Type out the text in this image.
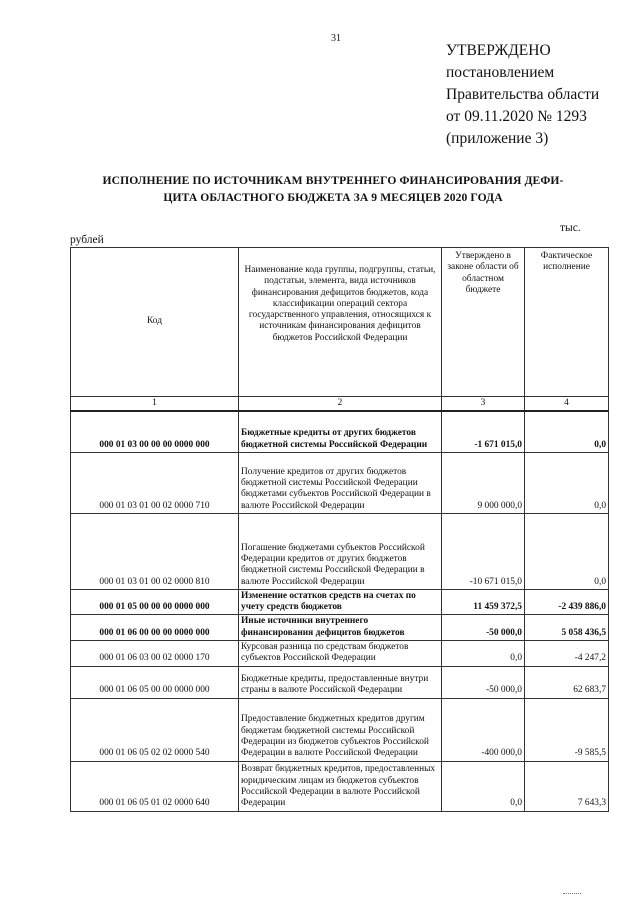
31
УТВЕРЖДЕНО
постановлением
Правительства области
от 09.11.2020 № 1293
(приложение 3)
ИСПОЛНЕНИЕ ПО ИСТОЧНИКАМ ВНУТРЕННЕГО ФИНАНСИРОВАНИЯ ДЕФИ-
ЦИТА ОБЛАСТНОГО БЮДЖЕТА ЗА 9 МЕСЯЦЕВ 2020 ГОДА
тыс.
рублей
Код	Наименование кода группы, подгруппы, статьи, подстатьи, элемента, вида источников финансирования дефицитов бюджетов, кода классификации операций сектора государственного управления, относящихся к источникам финансирования дефицитов бюджетов Российской Федерации	Утверждено в законе области об областном бюджете	Фактическое исполнение
1	2	3	4
000 01 03 00 00 00 0000 000	Бюджетные кредиты от других бюджетов бюджетной системы Российской Федерации	-1 671 015,0	0,0
000 01 03 01 00 02 0000 710	Получение кредитов от других бюджетов бюджетной системы Российской Федерации бюджетами субъектов Российской Федерации в валюте Российской Федерации	9 000 000,0	0,0
000 01 03 01 00 02 0000 810	Погашение бюджетами субъектов Российской Федерации кредитов от других бюджетов бюджетной системы Российской Федерации в валюте Российской Федерации	-10 671 015,0	0,0
000 01 05 00 00 00 0000 000	Изменение остатков средств на счетах по учету средств бюджетов	11 459 372,5	-2 439 886,0
000 01 06 00 00 00 0000 000	Иные источники внутреннего финансирования дефицитов бюджетов	-50 000,0	5 058 436,5
000 01 06 03 00 02 0000 170	Курсовая разница по средствам бюджетов субъектов Российской Федерации	0,0	-4 247,2
000 01 06 05 00 00 0000 000	Бюджетные кредиты, предоставленные внутри страны в валюте Российской Федерации	-50 000,0	62 683,7
000 01 06 05 02 02 0000 540	Предоставление бюджетных кредитов другим бюджетам бюджетной системы Российской Федерации из бюджетов субъектов Российской Федерации в валюте Российской Федерации	-400 000,0	-9 585,5
000 01 06 05 01 02 0000 640	Возврат бюджетных кредитов, предоставленных юридическим лицам из бюджетов субъектов Российской Федерации в валюте Российской Федерации	0,0	7 643,3
